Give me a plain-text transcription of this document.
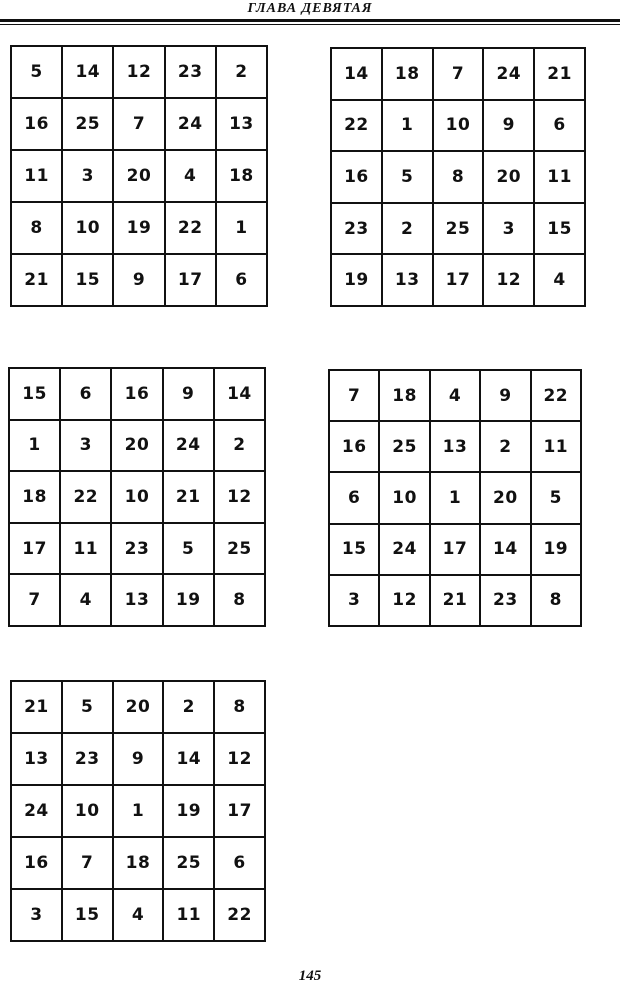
ГЛАВА ДЕВЯТАЯ
5	14	12	23	2
16	25	7	24	13
11	3	20	4	18
8	10	19	22	1
21	15	9	17	6
14	18	7	24	21
22	1	10	9	6
16	5	8	20	11
23	2	25	3	15
19	13	17	12	4
15	6	16	9	14
1	3	20	24	2
18	22	10	21	12
17	11	23	5	25
7	4	13	19	8
7	18	4	9	22
16	25	13	2	11
6	10	1	20	5
15	24	17	14	19
3	12	21	23	8
21	5	20	2	8
13	23	9	14	12
24	10	1	19	17
16	7	18	25	6
3	15	4	11	22
145
